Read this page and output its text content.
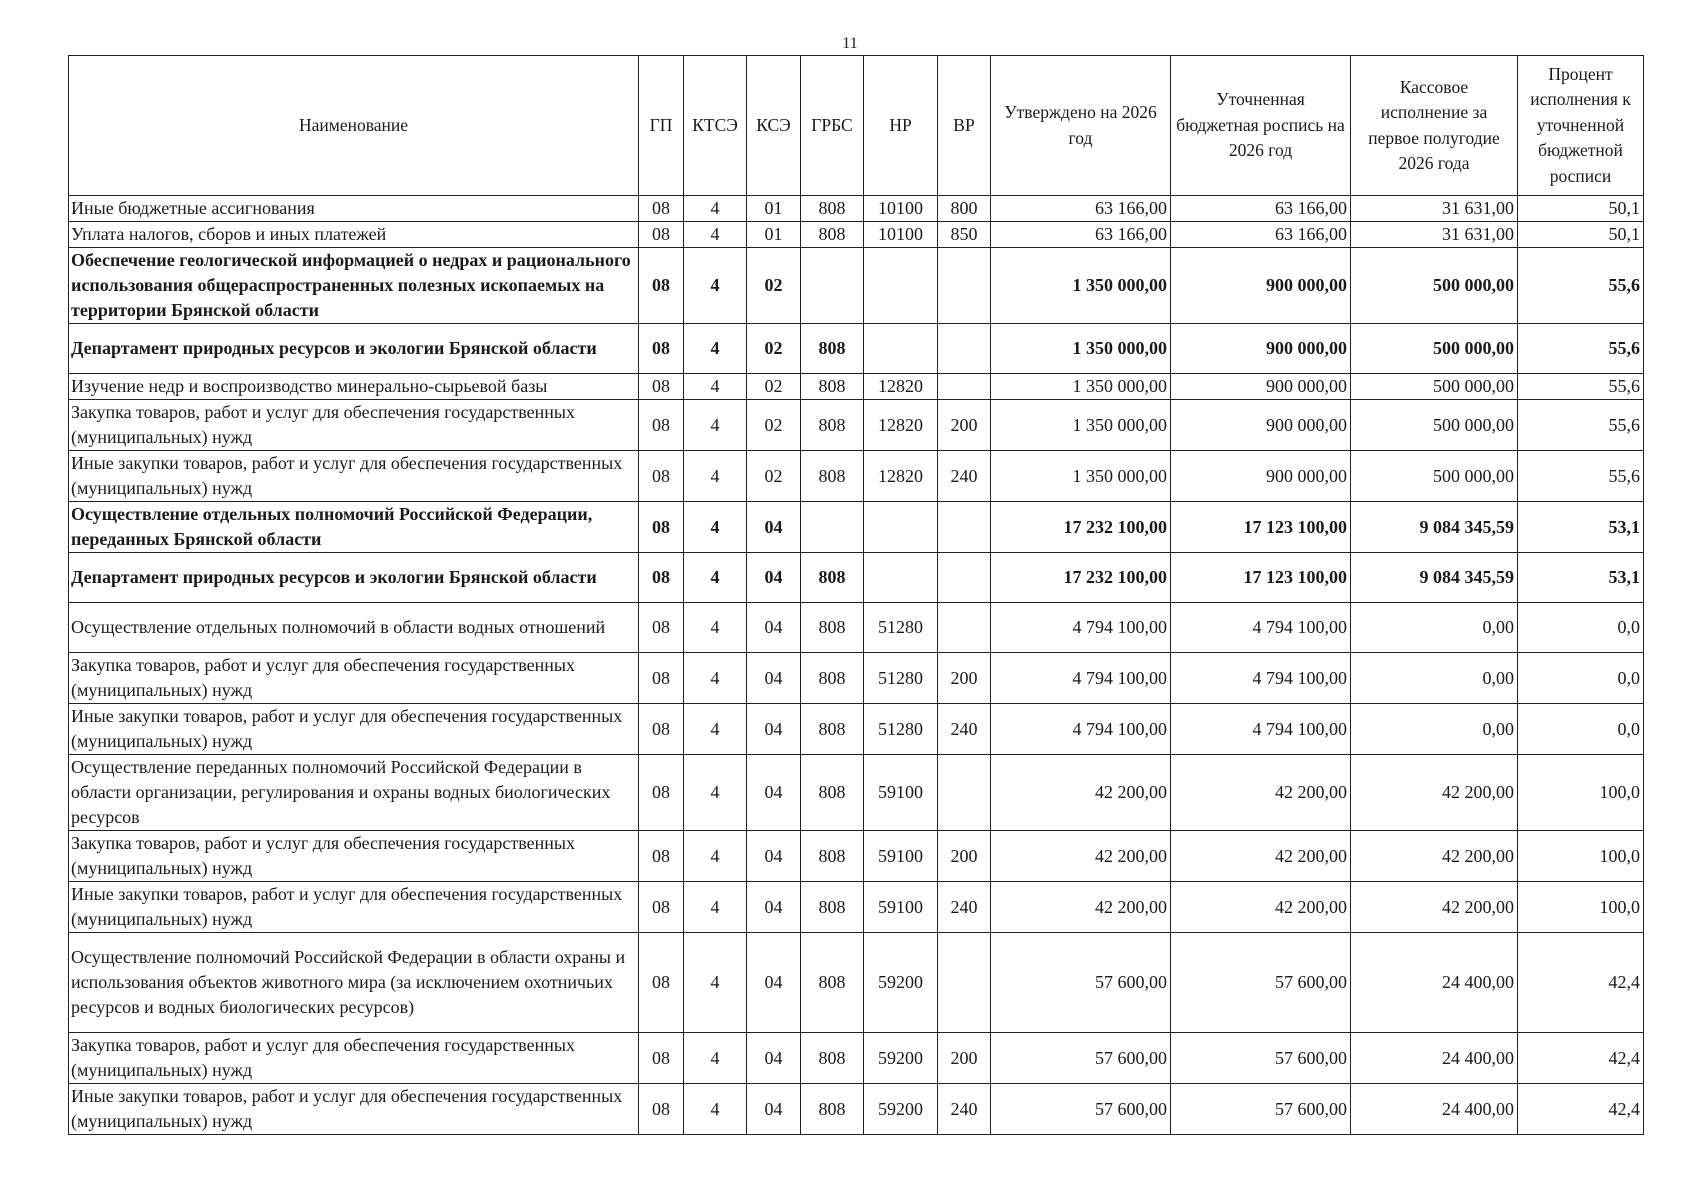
11
Наименование	ГП	КТСЭ	КСЭ	ГРБС	НР	ВР	Утверждено на 2026 год	Уточненная бюджетная роспись на 2026 год	Кассовое исполнение за первое полугодие 2026 года	Процент исполнения к уточненной бюджетной росписи
Иные бюджетные ассигнования	08	4	01	808	10100	800	63 166,00	63 166,00	31 631,00	50,1
Уплата налогов, сборов и иных платежей	08	4	01	808	10100	850	63 166,00	63 166,00	31 631,00	50,1
Обеспечение геологической информацией о недрах и рационального использования общераспространенных полезных ископаемых на территории Брянской области	08	4	02				1 350 000,00	900 000,00	500 000,00	55,6
Департамент природных ресурсов и экологии Брянской области	08	4	02	808			1 350 000,00	900 000,00	500 000,00	55,6
Изучение недр и воспроизводство минерально-сырьевой базы	08	4	02	808	12820		1 350 000,00	900 000,00	500 000,00	55,6
Закупка товаров, работ и услуг для обеспечения государственных (муниципальных) нужд	08	4	02	808	12820	200	1 350 000,00	900 000,00	500 000,00	55,6
Иные закупки товаров, работ и услуг для обеспечения государственных (муниципальных) нужд	08	4	02	808	12820	240	1 350 000,00	900 000,00	500 000,00	55,6
Осуществление отдельных полномочий Российской Федерации, переданных Брянской области	08	4	04				17 232 100,00	17 123 100,00	9 084 345,59	53,1
Департамент природных ресурсов и экологии Брянской области	08	4	04	808			17 232 100,00	17 123 100,00	9 084 345,59	53,1
Осуществление отдельных полномочий в области водных отношений	08	4	04	808	51280		4 794 100,00	4 794 100,00	0,00	0,0
Закупка товаров, работ и услуг для обеспечения государственных (муниципальных) нужд	08	4	04	808	51280	200	4 794 100,00	4 794 100,00	0,00	0,0
Иные закупки товаров, работ и услуг для обеспечения государственных (муниципальных) нужд	08	4	04	808	51280	240	4 794 100,00	4 794 100,00	0,00	0,0
Осуществление переданных полномочий Российской Федерации в области организации, регулирования и охраны водных биологических ресурсов	08	4	04	808	59100		42 200,00	42 200,00	42 200,00	100,0
Закупка товаров, работ и услуг для обеспечения государственных (муниципальных) нужд	08	4	04	808	59100	200	42 200,00	42 200,00	42 200,00	100,0
Иные закупки товаров, работ и услуг для обеспечения государственных (муниципальных) нужд	08	4	04	808	59100	240	42 200,00	42 200,00	42 200,00	100,0
Осуществление полномочий Российской Федерации в области охраны и использования объектов животного мира (за исключением охотничьих ресурсов и водных биологических ресурсов)	08	4	04	808	59200		57 600,00	57 600,00	24 400,00	42,4
Закупка товаров, работ и услуг для обеспечения государственных (муниципальных) нужд	08	4	04	808	59200	200	57 600,00	57 600,00	24 400,00	42,4
Иные закупки товаров, работ и услуг для обеспечения государственных (муниципальных) нужд	08	4	04	808	59200	240	57 600,00	57 600,00	24 400,00	42,4
